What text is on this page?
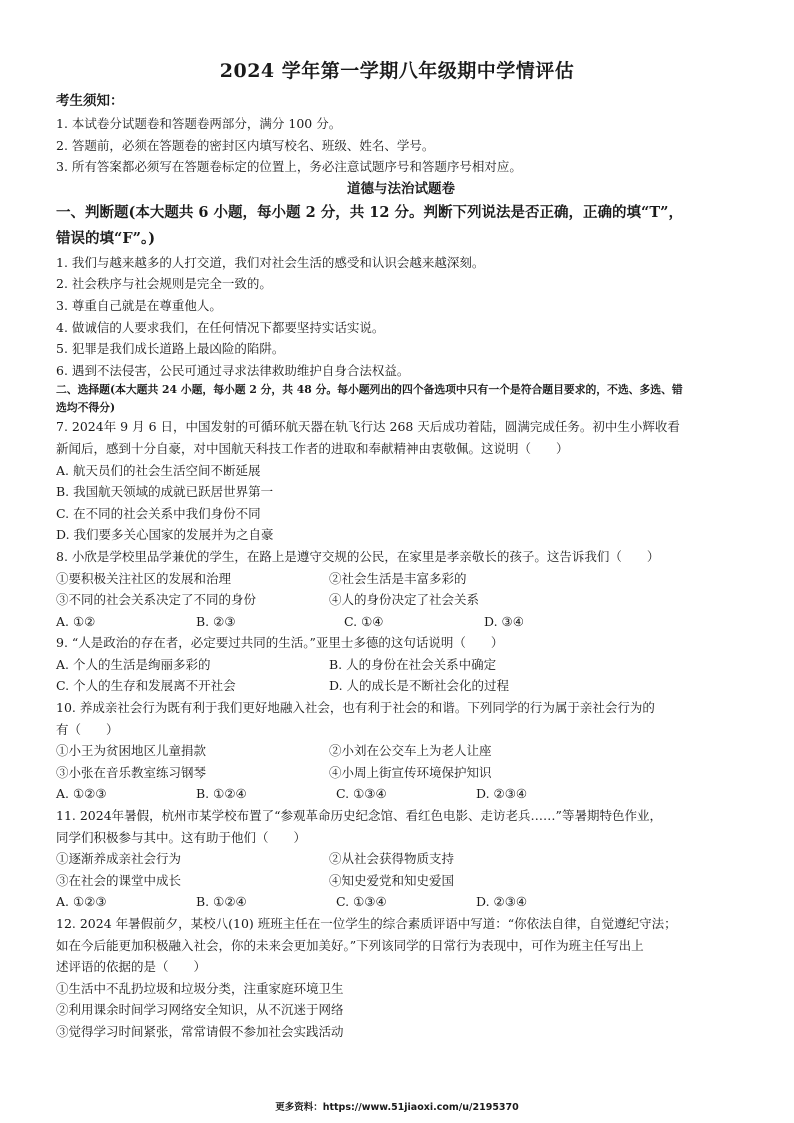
2024 学年第一学期八年级期中学情评估
考生须知：
1. 本试卷分试题卷和答题卷两部分，满分 100 分。
2. 答题前，必须在答题卷的密封区内填写校名、班级、姓名、学号。
3. 所有答案都必须写在答题卷标定的位置上，务必注意试题序号和答题序号相对应。
道德与法治试题卷
一、判断题(本大题共 6 小题，每小题 2 分，共 12 分。判断下列说法是否正确，正确的填“T”，
错误的填“F”。)
1. 我们与越来越多的人打交道，我们对社会生活的感受和认识会越来越深刻。
2. 社会秩序与社会规则是完全一致的。
3. 尊重自己就是在尊重他人。
4. 做诚信的人要求我们，在任何情况下都要坚持实话实说。
5. 犯罪是我们成长道路上最凶险的陷阱。
6. 遇到不法侵害，公民可通过寻求法律救助维护自身合法权益。
二、选择题(本大题共 24 小题，每小题 2 分，共 48 分。每小题列出的四个备选项中只有一个是符合题目要求的，不选、多选、错
选均不得分)
7. 2024年 9 月 6 日，中国发射的可循环航天器在轨飞行达 268 天后成功着陆，圆满完成任务。初中生小辉收看
新闻后，感到十分自豪，对中国航天科技工作者的进取和奉献精神由衷敬佩。这说明（　　）
A. 航天员们的社会生活空间不断延展
B. 我国航天领域的成就已跃居世界第一
C. 在不同的社会关系中我们身份不同
D. 我们要多关心国家的发展并为之自豪
8. 小欣是学校里品学兼优的学生，在路上是遵守交规的公民，在家里是孝亲敬长的孩子。这告诉我们（　　）
①要积极关注社区的发展和治理	②社会生活是丰富多彩的
③不同的社会关系决定了不同的身份	④人的身份决定了社会关系
A. ①②	B. ②③	C. ①④	D. ③④
9. “人是政治的存在者，必定要过共同的生活。”亚里士多德的这句话说明（　　）
A. 个人的生活是绚丽多彩的	B. 人的身份在社会关系中确定
C. 个人的生存和发展离不开社会	D. 人的成长是不断社会化的过程
10. 养成亲社会行为既有利于我们更好地融入社会，也有利于社会的和谐。下列同学的行为属于亲社会行为的
有（　　）
①小王为贫困地区儿童捐款	②小刘在公交车上为老人让座
③小张在音乐教室练习钢琴	④小周上街宣传环境保护知识
A. ①②③	B. ①②④	C. ①③④	D. ②③④
11. 2024年暑假，杭州市某学校布置了“参观革命历史纪念馆、看红色电影、走访老兵……”等暑期特色作业，
同学们积极参与其中。这有助于他们（　　）
①逐渐养成亲社会行为	②从社会获得物质支持
③在社会的课堂中成长	④知史爱党和知史爱国
A. ①②③	B. ①②④	C. ①③④	D. ②③④
12. 2024 年暑假前夕，某校八(10) 班班主任在一位学生的综合素质评语中写道：“你依法自律，自觉遵纪守法；
如在今后能更加积极融入社会，你的未来会更加美好。”下列该同学的日常行为表现中，可作为班主任写出上
述评语的依据的是（　　）
①生活中不乱扔垃圾和垃圾分类，注重家庭环境卫生
②利用课余时间学习网络安全知识，从不沉迷于网络
③觉得学习时间紧张，常常请假不参加社会实践活动
更多资料：https://www.51jiaoxi.com/u/2195370
